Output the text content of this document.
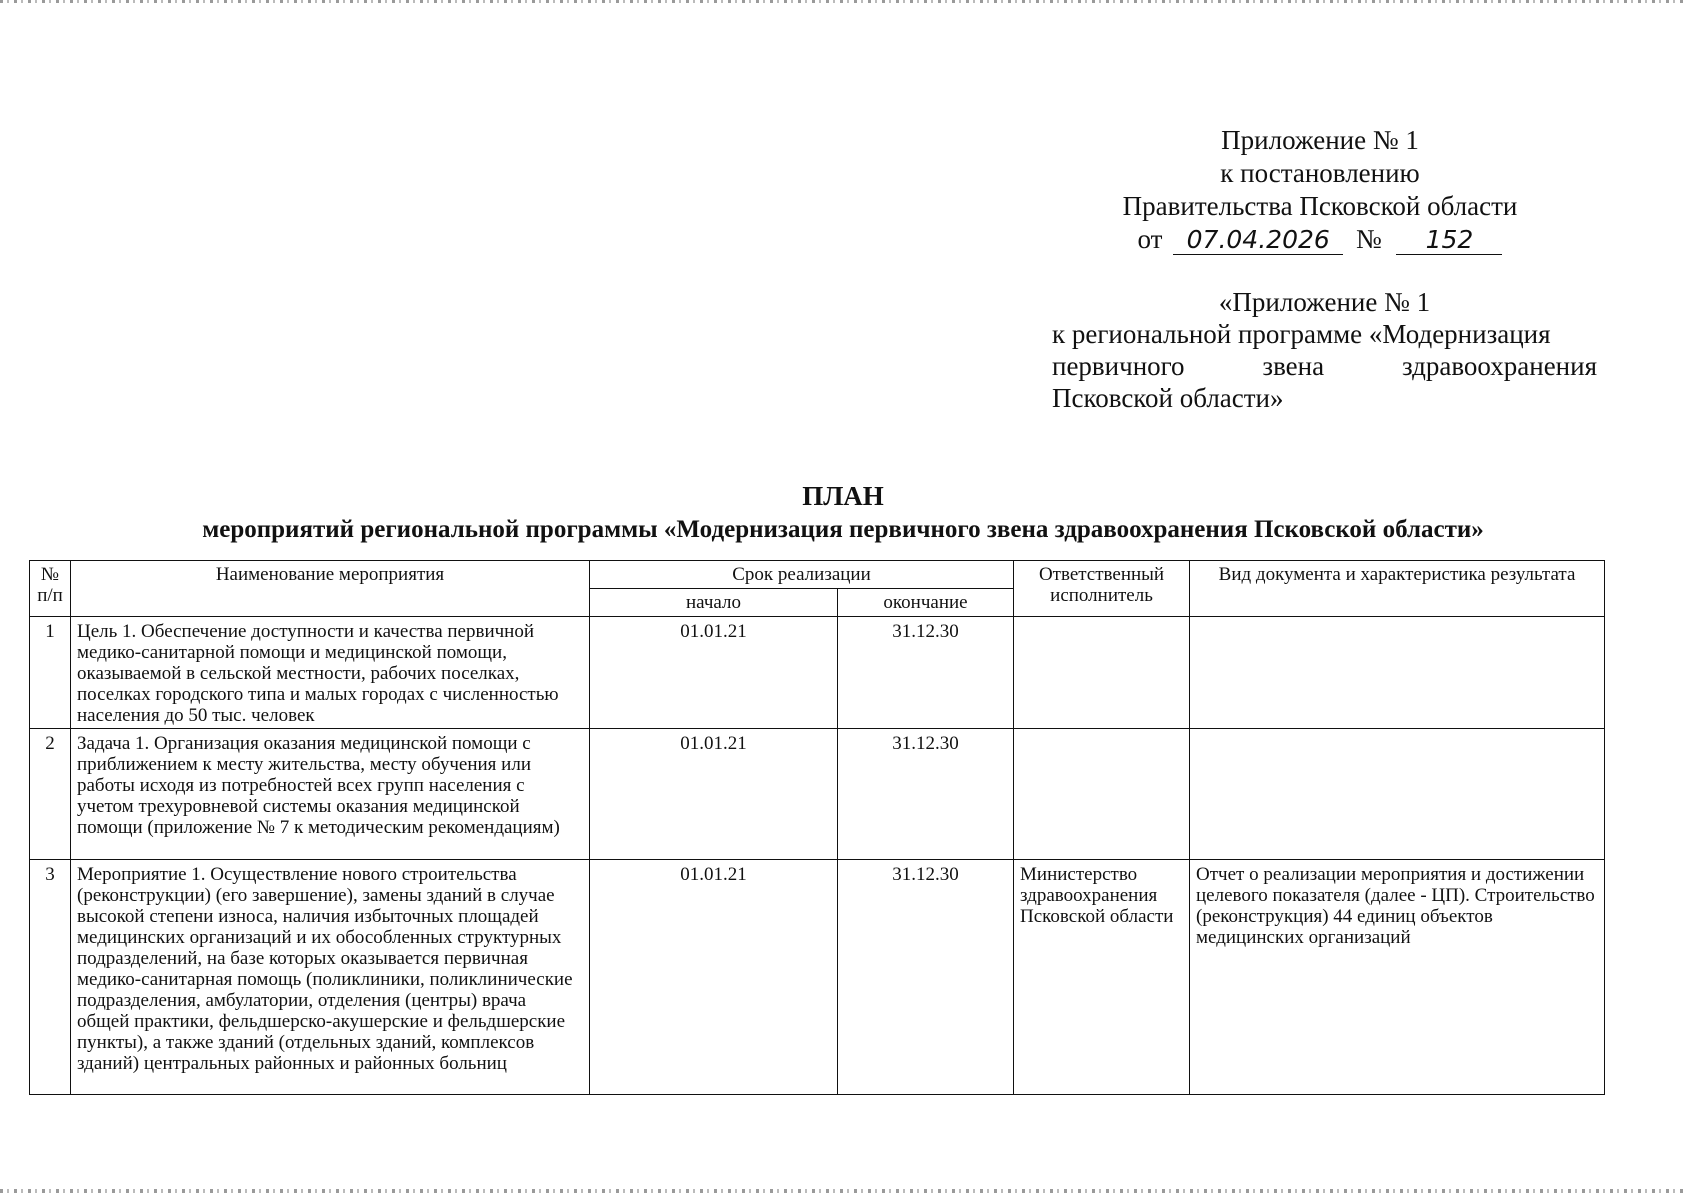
Приложение № 1
к постановлению
Правительства Псковской области
от 07.04.2026 № 152
«Приложение № 1
к региональной программе «Модернизация
первичного	звена	здравоохранения
Псковской области»
ПЛАН
мероприятий региональной программы «Модернизация первичного звена здравоохранения Псковской области»
№ п/п	Наименование мероприятия	Срок реализации		Ответственный исполнитель	Вид документа и характеристика результата
		начало	окончание		
1	Цель 1. Обеспечение доступности и качества первичной медико-санитарной помощи и медицинской помощи, оказываемой в сельской местности, рабочих поселках, поселках городского типа и малых городах с численностью населения до 50 тыс. человек	01.01.21	31.12.30		
2	Задача 1. Организация оказания медицинской помощи с приближением к месту жительства, месту обучения или работы исходя из потребностей всех групп населения с учетом трехуровневой системы оказания медицинской помощи (приложение № 7 к методическим рекомендациям)	01.01.21	31.12.30		
3	Мероприятие 1. Осуществление нового строительства (реконструкции) (его завершение), замены зданий в случае высокой степени износа, наличия избыточных площадей медицинских организаций и их обособленных структурных подразделений, на базе которых оказывается первичная медико-санитарная помощь (поликлиники, поликлинические подразделения, амбулатории, отделения (центры) врача общей практики, фельдшерско-акушерские и фельдшерские пункты), а также зданий (отдельных зданий, комплексов зданий) центральных районных и районных больниц	01.01.21	31.12.30	Министерство здравоохранения Псковской области	Отчет о реализации мероприятия и достижении целевого показателя (далее - ЦП). Строительство (реконструкция) 44 единиц объектов медицинских организаций
